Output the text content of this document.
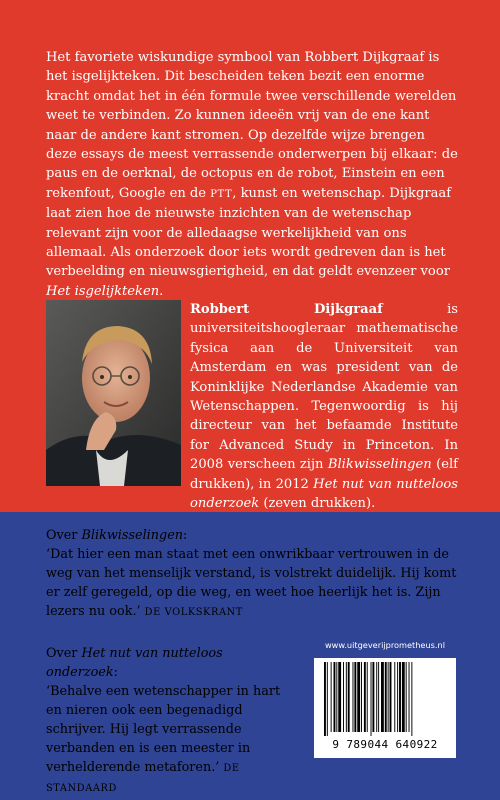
Het favoriete wiskundige symbool van Robbert Dijkgraaf is het isgelijkteken. Dit bescheiden teken bezit een enorme kracht omdat het in één formule twee verschillende werelden weet te verbinden. Zo kunnen ideeën vrij van de ene kant naar de andere kant stromen. Op dezelfde wijze brengen deze essays de meest verrassende onderwerpen bij elkaar: de paus en de oerknal, de octopus en de robot, Einstein en een rekenfout, Google en de PTT, kunst en wetenschap. Dijkgraaf laat zien hoe de nieuwste inzichten van de wetenschap relevant zijn voor de alledaagse werkelijkheid van ons allemaal. Als onderzoek door iets wordt gedreven dan is het verbeelding en nieuwsgierigheid, en dat geldt evenzeer voor Het isgelijkteken.

Robbert Dijkgraaf is universiteitshoogleraar mathematische fysica aan de Universiteit van Amsterdam en was president van de Koninklijke Nederlandse Akademie van Wetenschappen. Tegenwoordig is hij directeur van het befaamde Institute for Advanced Study in Princeton. In 2008 verscheen zijn Blikwisselingen (elf drukken), in 2012 Het nut van nutteloos onderzoek (zeven drukken).

Over Blikwisselingen:
‘Dat hier een man staat met een onwrikbaar vertrouwen in de weg van het menselijk verstand, is volstrekt duidelijk. Hij komt er zelf geregeld, op die weg, en weet hoe heerlijk het is. Zijn lezers nu ook.’ DE VOLKSKRANT

Over Het nut van nutteloos onderzoek:
‘Behalve een wetenschapper in hart en nieren ook een begenadigd schrijver. Hij legt verrassende verbanden en is een meester in verhelderende metaforen.’ DE STANDAARD

www.uitgeverijprometheus.nl
9 789044 640922
